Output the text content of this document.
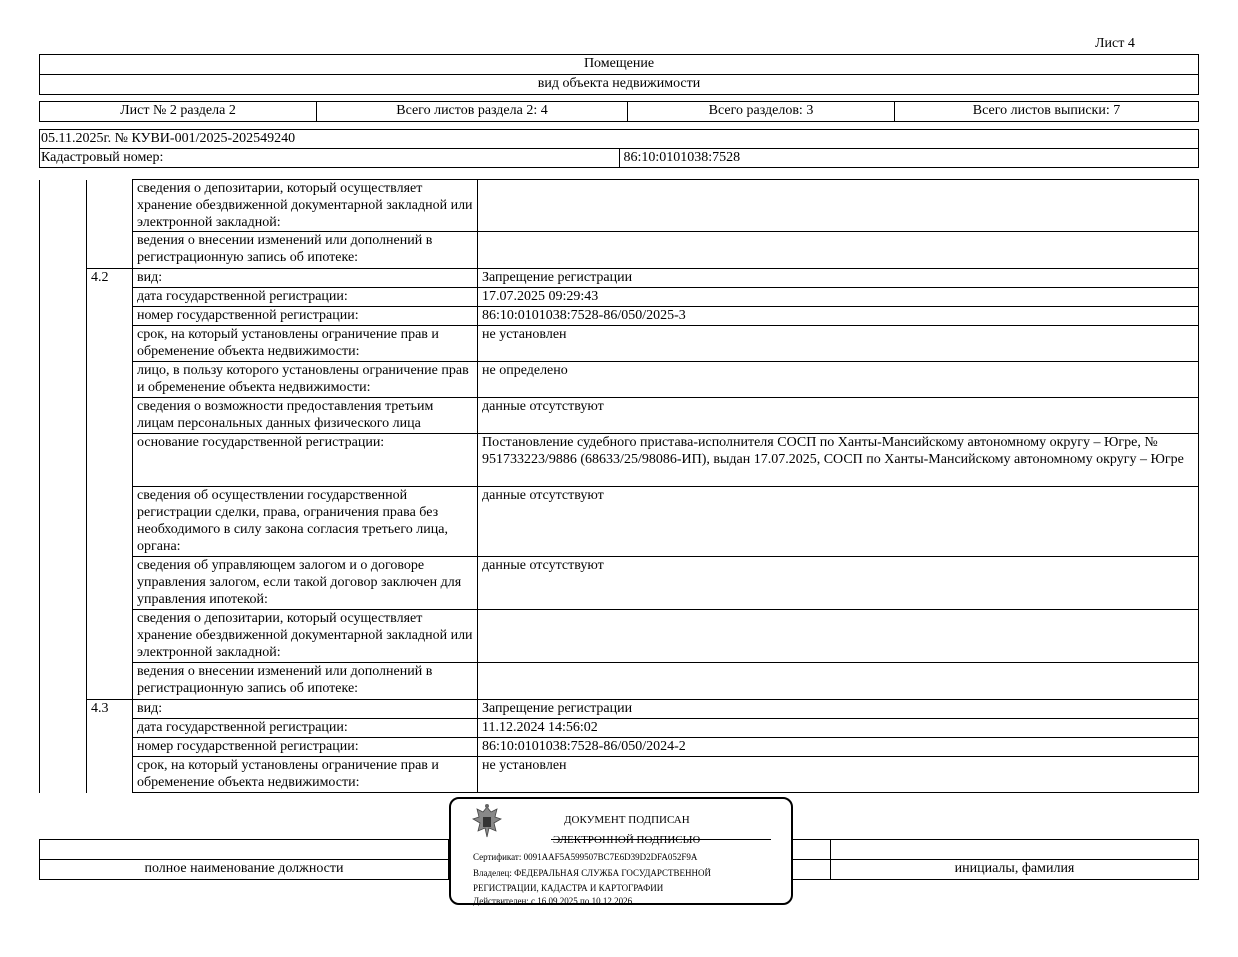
Лист 4
Помещение
вид объекта недвижимости
Лист № 2 раздела 2	Всего листов раздела 2: 4	Всего разделов: 3	Всего листов выписки: 7
05.11.2025г. № КУВИ-001/2025-202549240
Кадастровый номер:	86:10:0101038:7528
		сведения о депозитарии, который осуществляет хранение обездвиженной документарной закладной или электронной закладной:	
		ведения о внесении изменений или дополнений в регистрационную запись об ипотеке:	
	4.2	вид:	Запрещение регистрации
		дата государственной регистрации:	17.07.2025 09:29:43
		номер государственной регистрации:	86:10:0101038:7528-86/050/2025-3
		срок, на который установлены ограничение прав и обременение объекта недвижимости:	не установлен
		лицо, в пользу которого установлены ограничение прав и обременение объекта недвижимости:	не определено
		сведения о возможности предоставления третьим лицам персональных данных физического лица	данные отсутствуют
		основание государственной регистрации:	Постановление судебного пристава-исполнителя СОСП по Ханты-Мансийскому автономному округу – Югре, № 951733223/9886 (68633/25/98086-ИП), выдан 17.07.2025, СОСП по Ханты-Мансийскому автономному округу – Югре
		сведения об осуществлении государственной регистрации сделки, права, ограничения права без необходимого в силу закона согласия третьего лица, органа:	данные отсутствуют
		сведения об управляющем залогом и о договоре управления залогом, если такой договор заключен для управления ипотекой:	данные отсутствуют
		сведения о депозитарии, который осуществляет хранение обездвиженной документарной закладной или электронной закладной:	
		ведения о внесении изменений или дополнений в регистрационную запись об ипотеке:	
	4.3	вид:	Запрещение регистрации
		дата государственной регистрации:	11.12.2024 14:56:02
		номер государственной регистрации:	86:10:0101038:7528-86/050/2024-2
		срок, на который установлены ограничение прав и обременение объекта недвижимости:	не установлен

полное наименование должности		инициалы, фамилия
ДОКУМЕНТ ПОДПИСАН
ЭЛЕКТРОННОЙ ПОДПИСЬЮ
Сертификат: 0091AAF5A599507BC7E6D39D2DFA052F9A
Владелец: ФЕДЕРАЛЬНАЯ СЛУЖБА ГОСУДАРСТВЕННОЙ
РЕГИСТРАЦИИ, КАДАСТРА И КАРТОГРАФИИ
Действителен: с 16.09.2025 по 10.12.2026
